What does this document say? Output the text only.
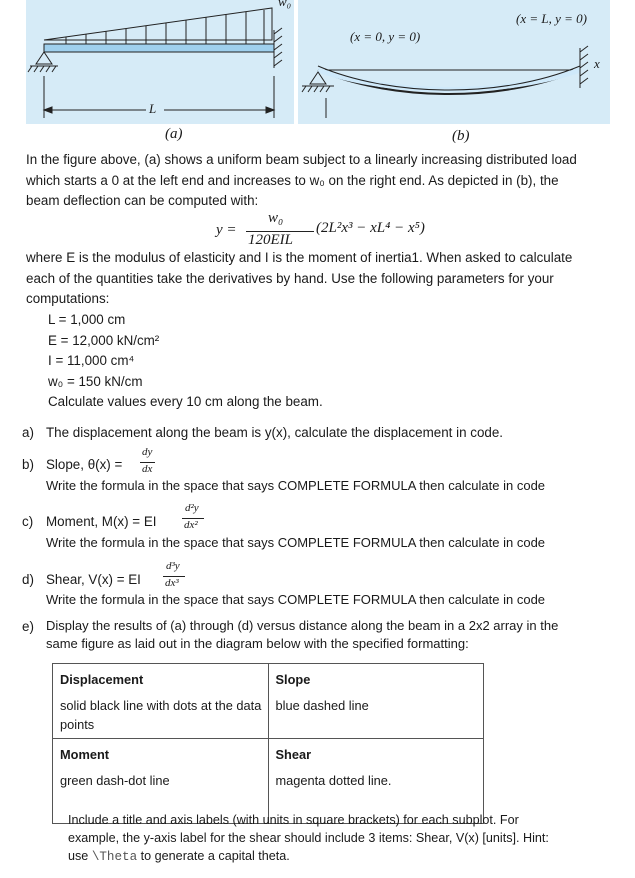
w₀
L
(a)
(x = 0, y = 0)
(x = L, y = 0)
x
(b)
In the figure above, (a) shows a uniform beam subject to a linearly increasing distributed load
which starts a 0 at the left end and increases to w₀ on the right end. As depicted in (b), the
beam deflection can be computed with:
y =
w₀
120EIL
(2L²x³ − xL⁴ − x⁵)
where E is the modulus of elasticity and I is the moment of inertia1. When asked to calculate
each of the quantities take the derivatives by hand. Use the following parameters for your
computations:
L = 1,000 cm
E = 12,000 kN/cm²
I = 11,000 cm⁴
w₀ = 150 kN/cm
Calculate values every 10 cm along the beam.
a) The displacement along the beam is y(x), calculate the displacement in code.
b) Slope, θ(x) =
dy
dx
Write the formula in the space that says COMPLETE FORMULA then calculate in code
c) Moment, M(x) = EI
d²y
dx²
Write the formula in the space that says COMPLETE FORMULA then calculate in code
d) Shear, V(x) = EI
d³y
dx³
Write the formula in the space that says COMPLETE FORMULA then calculate in code
e) Display the results of (a) through (d) versus distance along the beam in a 2x2 array in the
same figure as laid out in the diagram below with the specified formatting:
Displacement	Slope
solid black line with dots at the data points	blue dashed line
Moment	Shear
green dash-dot line	magenta dotted line.
Include a title and axis labels (with units in square brackets) for each subplot. For
example, the y-axis label for the shear should include 3 items: Shear, V(x) [units]. Hint:
use \Theta to generate a capital theta.
